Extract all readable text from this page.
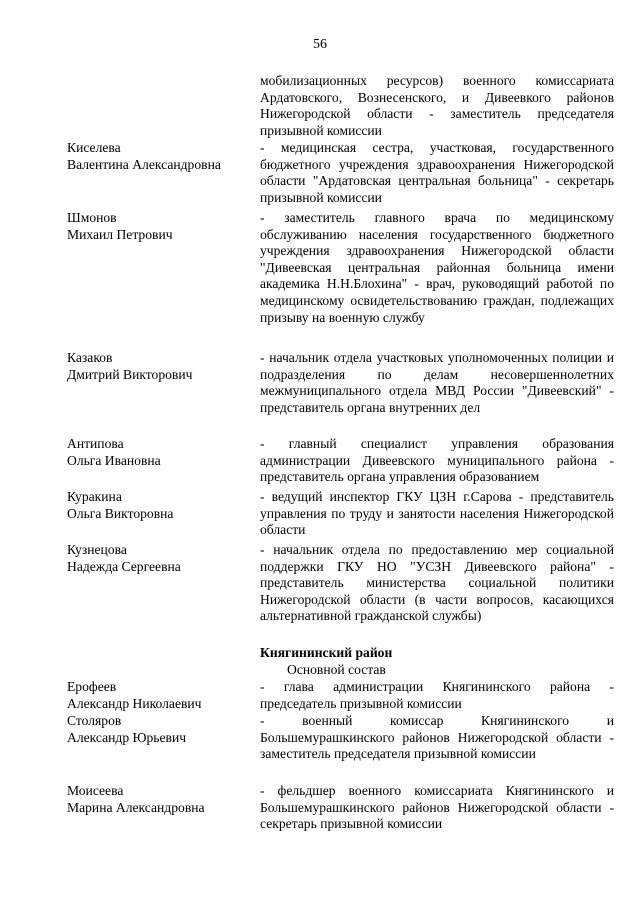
56
мобилизационных ресурсов) военного комиссариата Ардатовского, Вознесенского, и Дивеевкого районов Нижегородской области - заместитель председателя призывной комиссии
Киселева
Валентина Александровна
- медицинская сестра, участковая, государственного бюджетного учреждения здравоохранения Нижегородской области "Ардатовская центральная больница" - секретарь призывной комиссии
Шмонов
Михаил Петрович
- заместитель главного врача по медицинскому обслуживанию населения государственного бюджетного учреждения здравоохранения Нижегородской области "Дивеевская центральная районная больница имени академика Н.Н.Блохина" - врач, руководящий работой по медицинскому освидетельствованию граждан, подлежащих призыву на военную службу
Казаков
Дмитрий Викторович
- начальник отдела участковых уполномоченных полиции и подразделения по делам несовершеннолетних межмуниципального отдела МВД России "Дивеевский" - представитель органа внутренних дел
Антипова
Ольга Ивановна
- главный специалист управления образования администрации Дивеевского муниципального района - представитель органа управления образованием
Куракина
Ольга Викторовна
- ведущий инспектор ГКУ ЦЗН г.Сарова - представитель управления по труду и занятости населения Нижегородской области
Кузнецова
Надежда Сергеевна
- начальник отдела по предоставлению мер социальной поддержки ГКУ НО "УСЗН Дивеевского района" - представитель министерства социальной политики Нижегородской области (в части вопросов, касающихся альтернативной гражданской службы)
Княгининский район
Основной состав
Ерофеев
Александр Николаевич
- глава администрации Княгининского района - председатель призывной комиссии
Столяров
Александр Юрьевич
- военный комиссар Княгининского и Большемурашкинского районов Нижегородской области - заместитель председателя призывной комиссии
Моисеева
Марина Александровна
- фельдшер военного комиссариата Княгининского и Большемурашкинского районов Нижегородской области - секретарь призывной комиссии
